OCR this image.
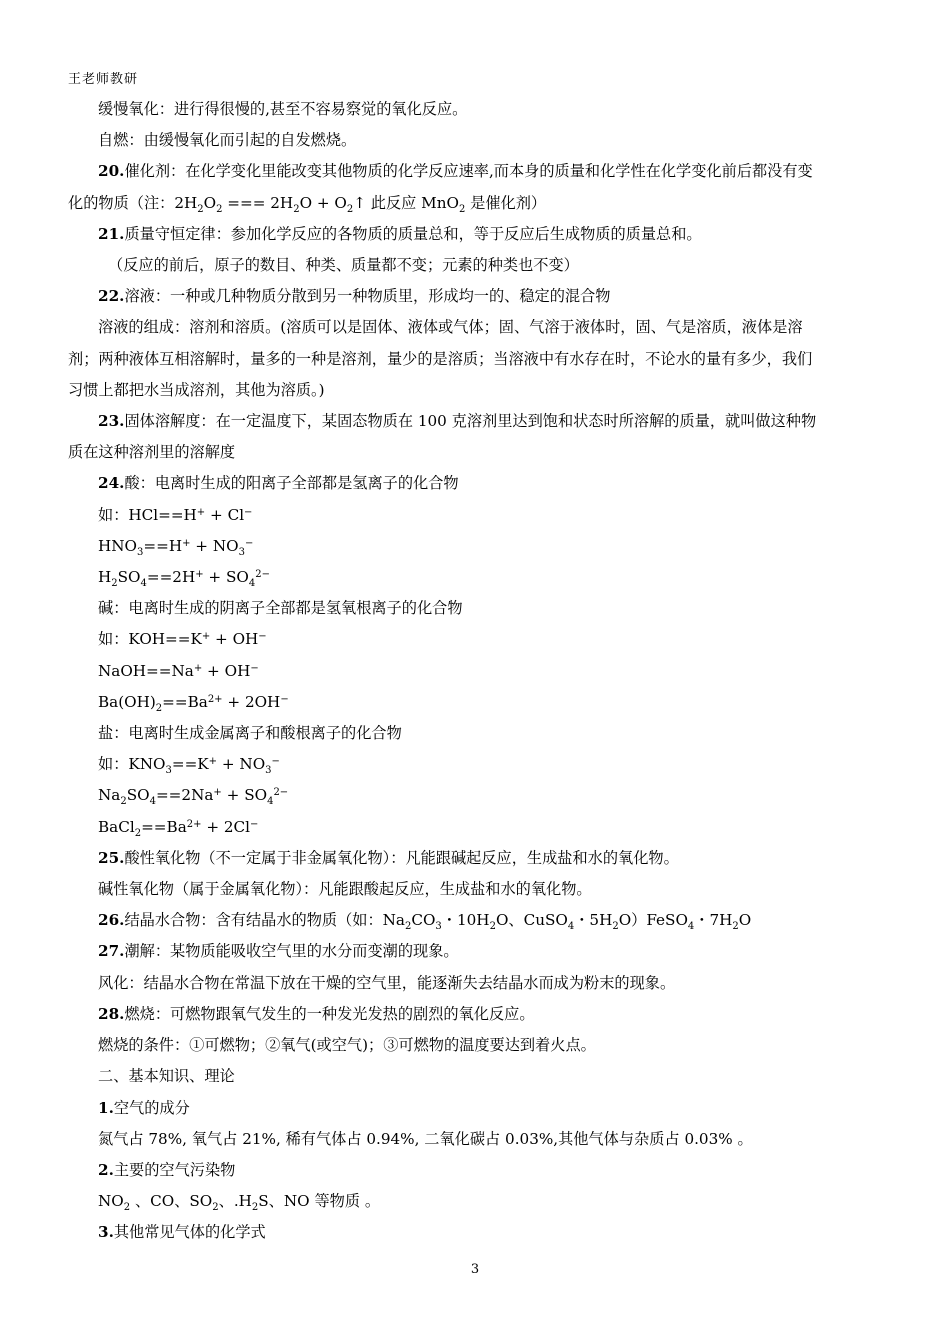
王老师教研
缓慢氧化：进行得很慢的,甚至不容易察觉的氧化反应。
自燃：由缓慢氧化而引起的自发燃烧。
20.催化剂：在化学变化里能改变其他物质的化学反应速率,而本身的质量和化学性在化学变化前后都没有变
化的物质（注：$2H_2O_2$ === $2H_2O$ + $O_2↑$ 此反应 MnO$_2$ 是催化剂）
21.质量守恒定律：参加化学反应的各物质的质量总和，等于反应后生成物质的质量总和。
（反应的前后，原子的数目、种类、质量都不变；元素的种类也不变）
22.溶液：一种或几种物质分散到另一种物质里，形成均一的、稳定的混合物
溶液的组成：溶剂和溶质。(溶质可以是固体、液体或气体；固、气溶于液体时，固、气是溶质，液体是溶
剂；两种液体互相溶解时，量多的一种是溶剂，量少的是溶质；当溶液中有水存在时，不论水的量有多少，我们
习惯上都把水当成溶剂，其他为溶质。)
23.固体溶解度：在一定温度下，某固态物质在 100 克溶剂里达到饱和状态时所溶解的质量，就叫做这种物
质在这种溶剂里的溶解度
24.酸：电离时生成的阳离子全部都是氢离子的化合物
如：HCl==H+ + Cl−
$HNO_3==H^+ + NO_3^-$
$H_2SO_4==2H^+ + SO_4^{2-}$
碱：电离时生成的阴离子全部都是氢氧根离子的化合物
如：KOH==K+ + OH−
NaOH==Na+ + OH−
$Ba(OH)_2==Ba^{2+} + 2OH^-$
盐：电离时生成金属离子和酸根离子的化合物
如：$KNO_3==K^+ + NO_3^-$
$Na_2SO_4==2Na^+ + SO_4^{2-}$
$BaCl_2==Ba^{2+} + 2Cl^-$
25.酸性氧化物（不一定属于非金属氧化物）：凡能跟碱起反应，生成盐和水的氧化物。
碱性氧化物（属于金属氧化物）：凡能跟酸起反应，生成盐和水的氧化物。
26.结晶水合物：含有结晶水的物质（如：$Na_2CO_3$・$10H_2O$、CuSO$_4$・$5H_2O)FeSO_4$・$7H_2O$
27.潮解：某物质能吸收空气里的水分而变潮的现象。
风化：结晶水合物在常温下放在干燥的空气里，能逐渐失去结晶水而成为粉末的现象。
28.燃烧：可燃物跟氧气发生的一种发光发热的剧烈的氧化反应。
燃烧的条件：①可燃物；②氧气(或空气)；③可燃物的温度要达到着火点。
二、基本知识、理论
1.空气的成分
氮气占 78%, 氧气占 21%, 稀有气体占 0.94%, 二氧化碳占 0.03%,其他气体与杂质占 0.03% 。
2.主要的空气污染物
$NO_2$ 、CO、$SO_2$、$.H_2S$、NO 等物质 。
3.其他常见气体的化学式
3
